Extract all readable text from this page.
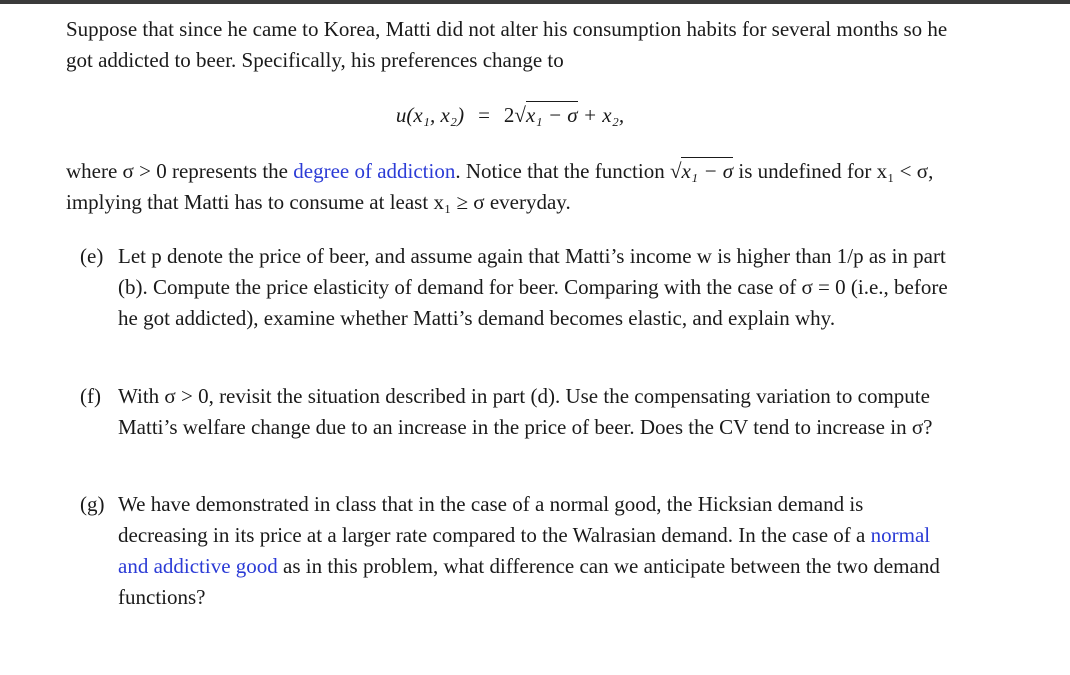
Suppose that since he came to Korea, Matti did not alter his consumption habits for several months so he got addicted to beer. Specifically, his preferences change to

u(x₁, x₂) = 2√x₁ − σ + x₂,

where σ > 0 represents the degree of addiction. Notice that the function √x₁ − σ is undefined for x₁ < σ, implying that Matti has to consume at least x₁ ≥ σ everyday.

(e) Let p denote the price of beer, and assume again that Matti’s income w is higher than 1/p as in part (b). Compute the price elasticity of demand for beer. Comparing with the case of σ = 0 (i.e., before he got addicted), examine whether Matti’s demand becomes elastic, and explain why.
(f) With σ > 0, revisit the situation described in part (d). Use the compensating variation to compute Matti’s welfare change due to an increase in the price of beer. Does the CV tend to increase in σ?
(g) We have demonstrated in class that in the case of a normal good, the Hicksian demand is decreasing in its price at a larger rate compared to the Walrasian demand. In the case of a normal and addictive good as in this problem, what difference can we anticipate between the two demand functions?
